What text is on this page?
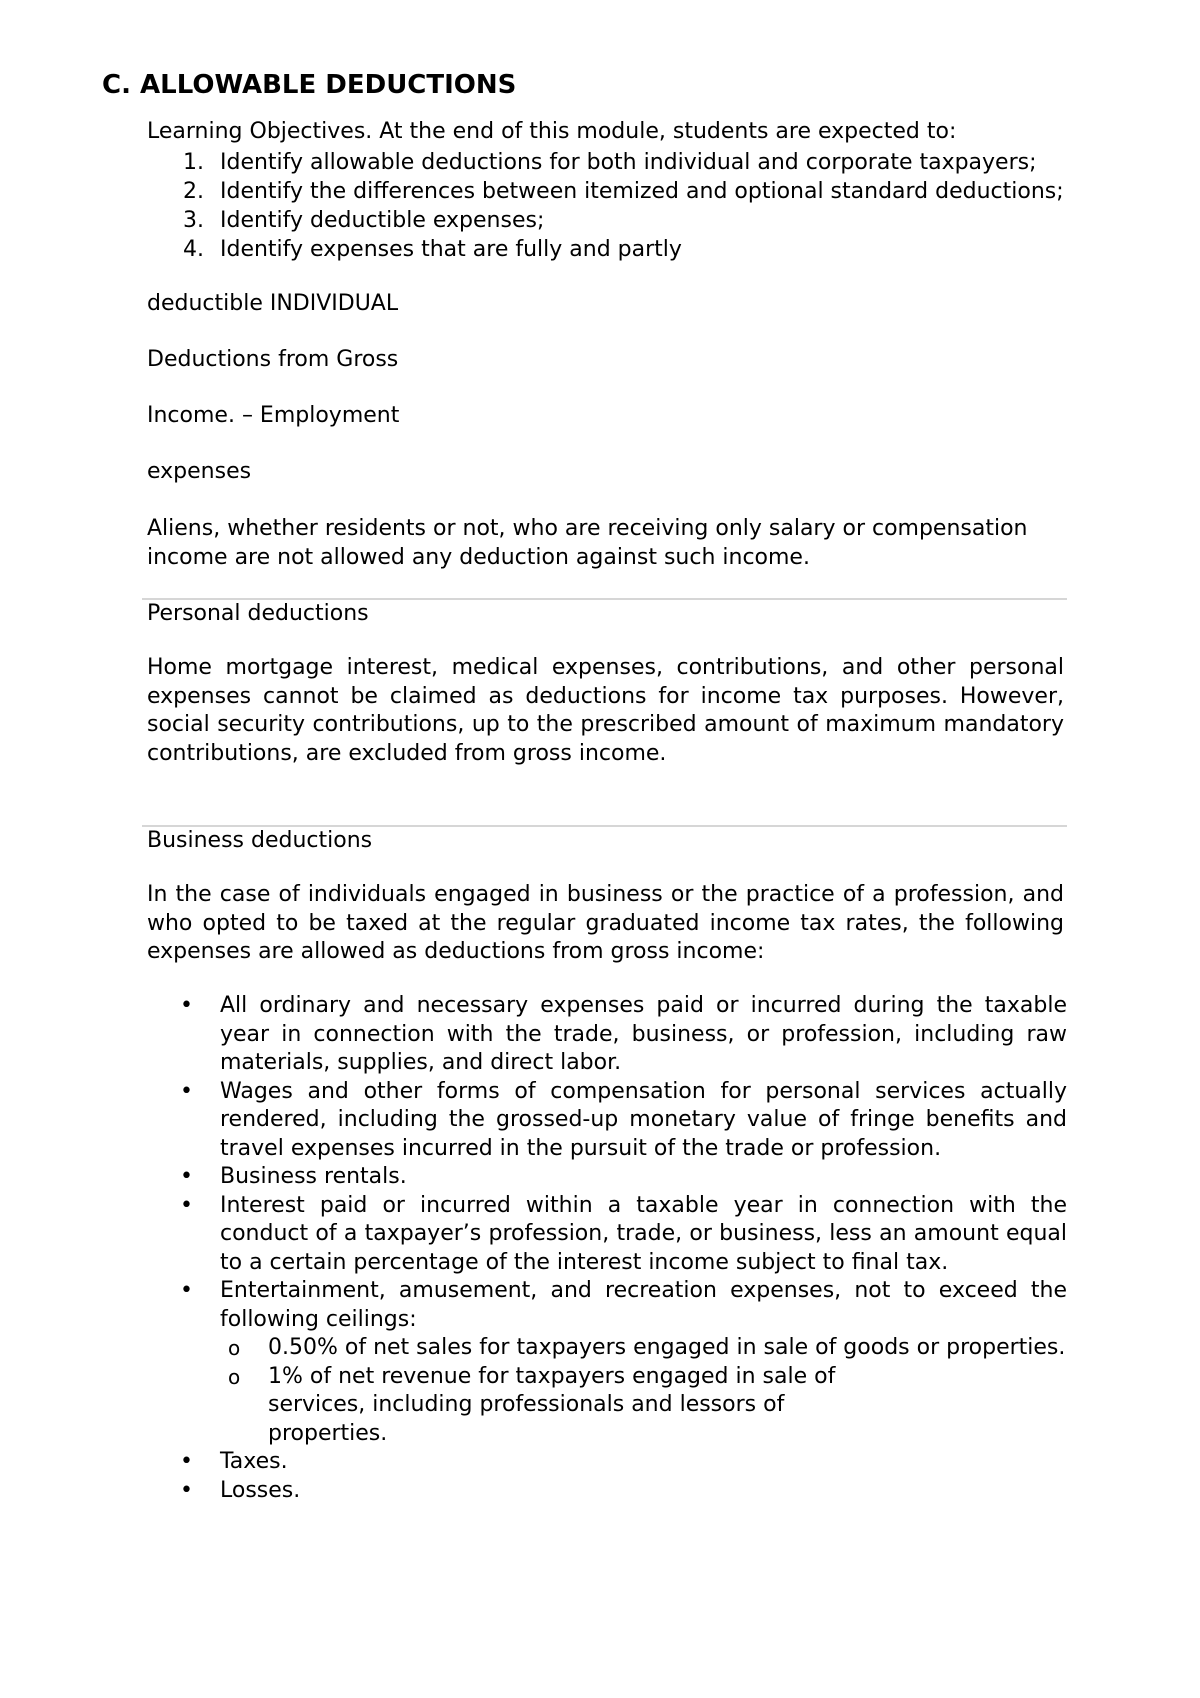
C. ALLOWABLE DEDUCTIONS

Learning Objectives. At the end of this module, students are expected to:

1. Identify allowable deductions for both individual and corporate taxpayers;
2. Identify the differences between itemized and optional standard deductions;
3. Identify deductible expenses;
4. Identify expenses that are fully and partly

deductible INDIVIDUAL

Deductions from Gross

Income. – Employment

expenses

Aliens, whether residents or not, who are receiving only salary or compensation income are not allowed any deduction against such income.

Personal deductions

Home mortgage interest, medical expenses, contributions, and other personal expenses cannot be claimed as deductions for income tax purposes. However, social security contributions, up to the prescribed amount of maximum mandatory contributions, are excluded from gross income.

Business deductions

In the case of individuals engaged in business or the practice of a profession, and who opted to be taxed at the regular graduated income tax rates, the following expenses are allowed as deductions from gross income:

• All ordinary and necessary expenses paid or incurred during the taxable year in connection with the trade, business, or profession, including raw materials, supplies, and direct labor.
• Wages and other forms of compensation for personal services actually rendered, including the grossed-up monetary value of fringe benefits and travel expenses incurred in the pursuit of the trade or profession.
• Business rentals.
• Interest paid or incurred within a taxable year in connection with the conduct of a taxpayer’s profession, trade, or business, less an amount equal to a certain percentage of the interest income subject to final tax.
• Entertainment, amusement, and recreation expenses, not to exceed the following ceilings:
o 0.50% of net sales for taxpayers engaged in sale of goods or properties.
o 1% of net revenue for taxpayers engaged in sale of services, including professionals and lessors of properties.
• Taxes.
• Losses.
